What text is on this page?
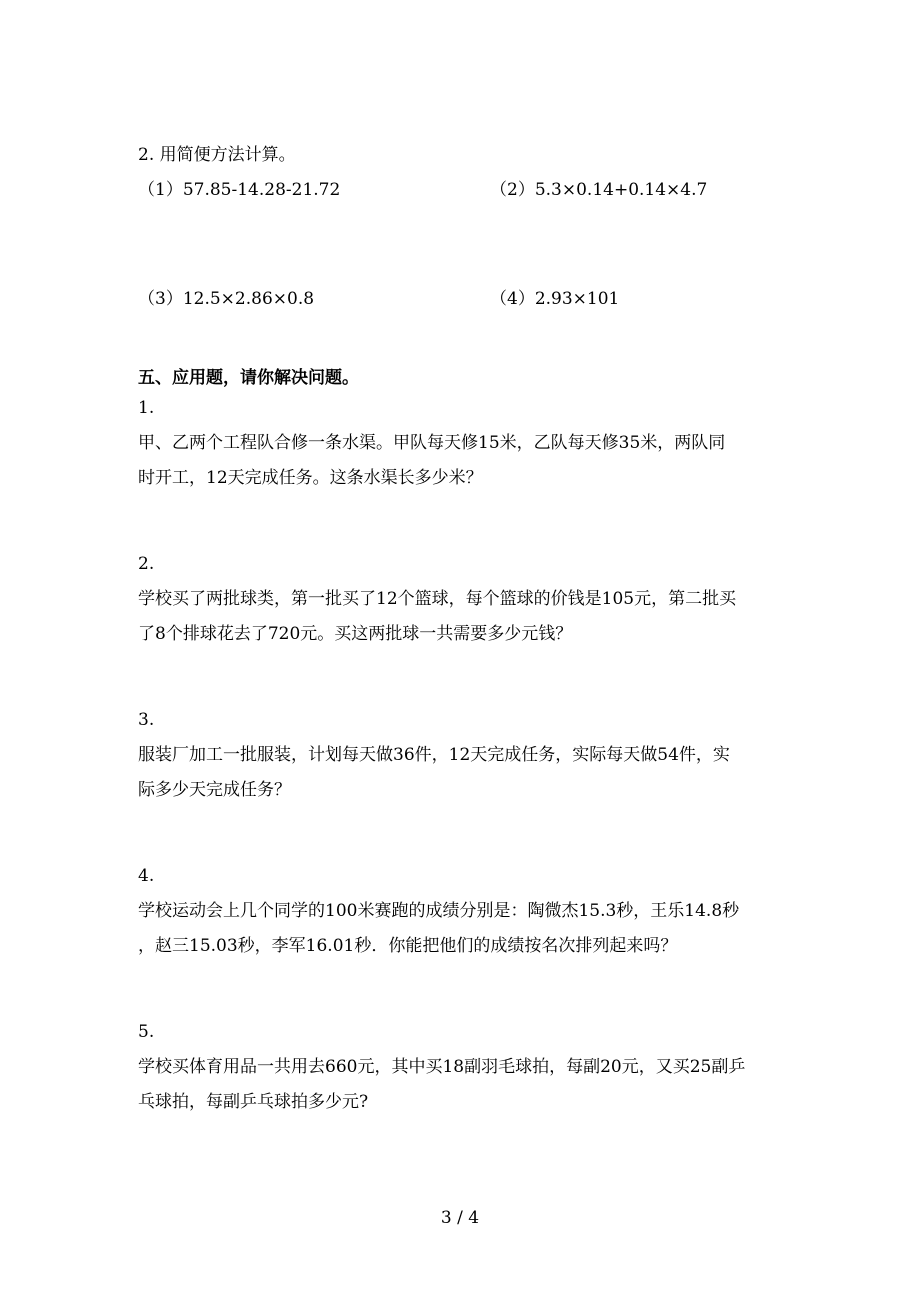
2. 用简便方法计算。
（1）57.85-14.28-21.72	（2）5.3×0.14+0.14×4.7
（3）12.5×2.86×0.8	（4）2.93×101
五、应用题，请你解决问题。
1.
甲、乙两个工程队合修一条水渠。甲队每天修15米，乙队每天修35米，两队同
时开工，12天完成任务。这条水渠长多少米？
2.
学校买了两批球类，第一批买了12个篮球，每个篮球的价钱是105元，第二批买
了8个排球花去了720元。买这两批球一共需要多少元钱？
3.
服装厂加工一批服装，计划每天做36件，12天完成任务，实际每天做54件，实
际多少天完成任务？
4.
学校运动会上几个同学的100米赛跑的成绩分别是：陶微杰15.3秒，王乐14.8秒
，赵三15.03秒，李军16.01秒．你能把他们的成绩按名次排列起来吗？
5.
学校买体育用品一共用去660元，其中买18副羽毛球拍，每副20元，又买25副乒
乓球拍，每副乒乓球拍多少元?
3 / 4
